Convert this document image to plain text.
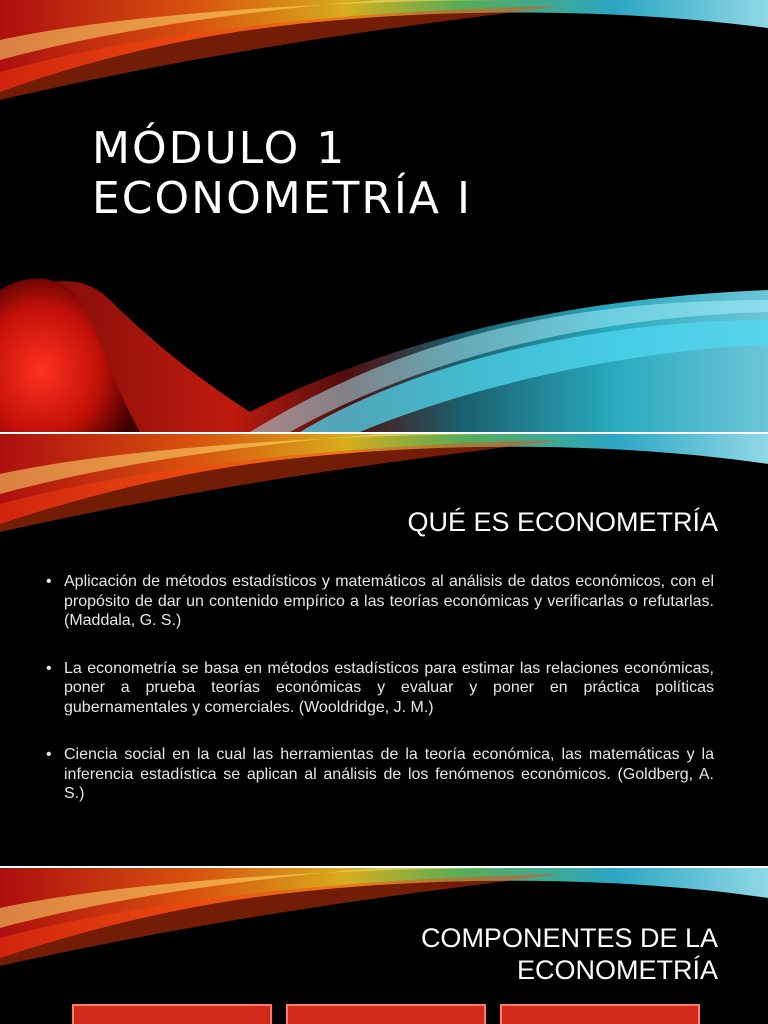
MÓDULO 1
ECONOMETRÍA I
QUÉ ES ECONOMETRÍA
• Aplicación de métodos estadísticos y matemáticos al análisis de datos económicos, con el propósito de dar un contenido empírico a las teorías económicas y verificarlas o refutarlas. (Maddala, G. S.)
• La econometría se basa en métodos estadísticos para estimar las relaciones económicas, poner a prueba teorías económicas y evaluar y poner en práctica políticas gubernamentales y comerciales. (Wooldridge, J. M.)
• Ciencia social en la cual las herramientas de la teoría económica, las matemáticas y la inferencia estadística se aplican al análisis de los fenómenos económicos. (Goldberg, A. S.)
COMPONENTES DE LA
ECONOMETRÍA
